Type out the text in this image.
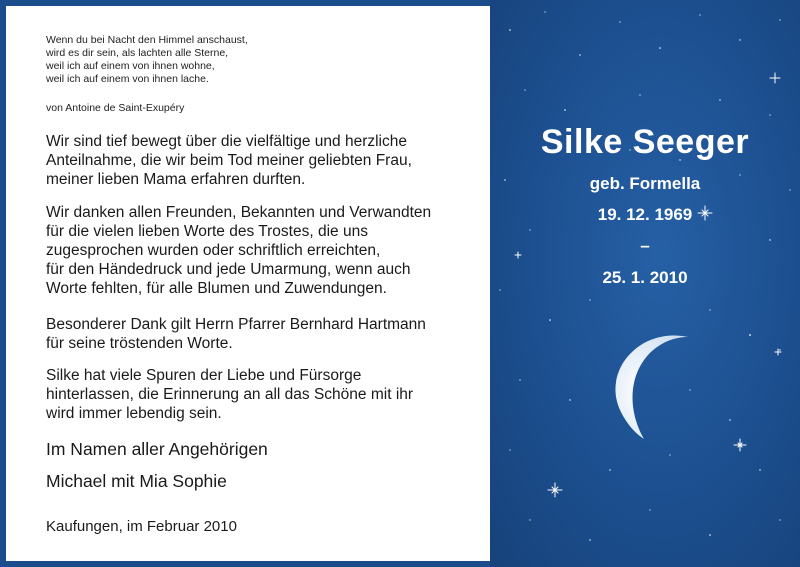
Wenn du bei Nacht den Himmel anschaust,
wird es dir sein, als lachten alle Sterne,
weil ich auf einem von ihnen wohne,
weil ich auf einem von ihnen lache.
von Antoine de Saint-Exupéry
Wir sind tief bewegt über die vielfältige und herzliche
Anteilnahme, die wir beim Tod meiner geliebten Frau,
meiner lieben Mama erfahren durften.
Wir danken allen Freunden, Bekannten und Verwandten
für die vielen lieben Worte des Trostes, die uns
zugesprochen wurden oder schriftlich erreichten,
für den Händedruck und jede Umarmung, wenn auch
Worte fehlten, für alle Blumen und Zuwendungen.
Besonderer Dank gilt Herrn Pfarrer Bernhard Hartmann
für seine tröstenden Worte.
Silke hat viele Spuren der Liebe und Fürsorge
hinterlassen, die Erinnerung an all das Schöne mit ihr
wird immer lebendig sein.
Im Namen aller Angehörigen
Michael mit Mia Sophie
Kaufungen, im Februar 2010
Silke Seeger
geb. Formella
19. 12. 1969
–
25. 1. 2010
